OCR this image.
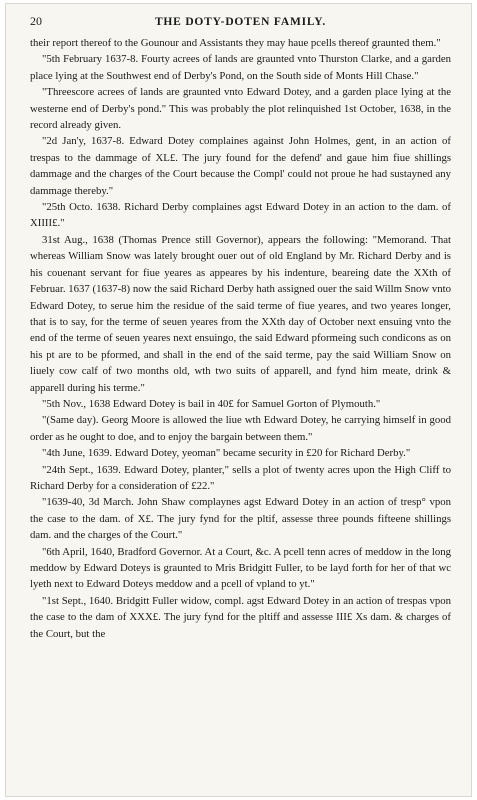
20	THE DOTY-DOTEN FAMILY.

their report thereof to the Gounour and Assistants they may haue pcells thereof graunted them."

"5th February 1637-8. Fourty acrees of lands are graunted vnto Thurston Clarke, and a garden place lying at the Southwest end of Derby's Pond, on the South side of Monts Hill Chase."

"Threescore acrees of lands are graunted vnto Edward Dotey, and a garden place lying at the westerne end of Derby's pond." This was probably the plot relinquished 1st October, 1638, in the record already given.

"2d Jan'y, 1637-8. Edward Dotey complaines against John Holmes, gent, in an action of trespas to the dammage of XL£. The jury found for the defend' and gaue him fiue shillings dammage and the charges of the Court because the Compl' could not proue he had sustayned any dammage thereby."

"25th Octo. 1638. Richard Derby complaines agst Edward Dotey in an action to the dam. of XIIII£."

31st Aug., 1638 (Thomas Prence still Governor), appears the following: "Memorand. That whereas William Snow was lately brought ouer out of old England by Mr. Richard Derby and is his couenant servant for fiue yeares as appeares by his indenture, beareing date the XXth of Februar. 1637 (1637-8) now the said Richard Derby hath assigned ouer the said Willm Snow vnto Edward Dotey, to serue him the residue of the said terme of fiue yeares, and two yeares longer, that is to say, for the terme of seuen yeares from the XXth day of October next ensuing vnto the end of the terme of seuen yeares next ensuingo, the said Edward pformeing such condicons as on his pt are to be pformed, and shall in the end of the said terme, pay the said William Snow on liuely cow calf of two months old, wth two suits of apparell, and fynd him meate, drink & apparell during his terme."

"5th Nov., 1638 Edward Dotey is bail in 40£ for Samuel Gorton of Plymouth."

"(Same day). Georg Moore is allowed the liue wth Edward Dotey, he carrying himself in good order as he ought to doe, and to enjoy the bargain between them."

"4th June, 1639. Edward Dotey, yeoman" became security in £20 for Richard Derby."

"24th Sept., 1639. Edward Dotey, planter," sells a plot of twenty acres upon the High Cliff to Richard Derby for a consideration of £22."

"1639-40, 3d March. John Shaw complaynes agst Edward Dotey in an action of tresp° vpon the case to the dam. of X£. The jury fynd for the pltif, assesse three pounds fifteene shillings dam. and the charges of the Court."

"6th April, 1640, Bradford Governor. At a Court, &c. A pcell tenn acres of meddow in the long meddow by Edward Doteys is graunted to Mris Bridgitt Fuller, to be layd forth for her of that wc lyeth next to Edward Doteys meddow and a pcell of vpland to yt."

"1st Sept., 1640. Bridgitt Fuller widow, compl. agst Edward Dotey in an action of trespas vpon the case to the dam of XXX£. The jury fynd for the pltiff and assesse III£ Xs dam. & charges of the Court, but the
